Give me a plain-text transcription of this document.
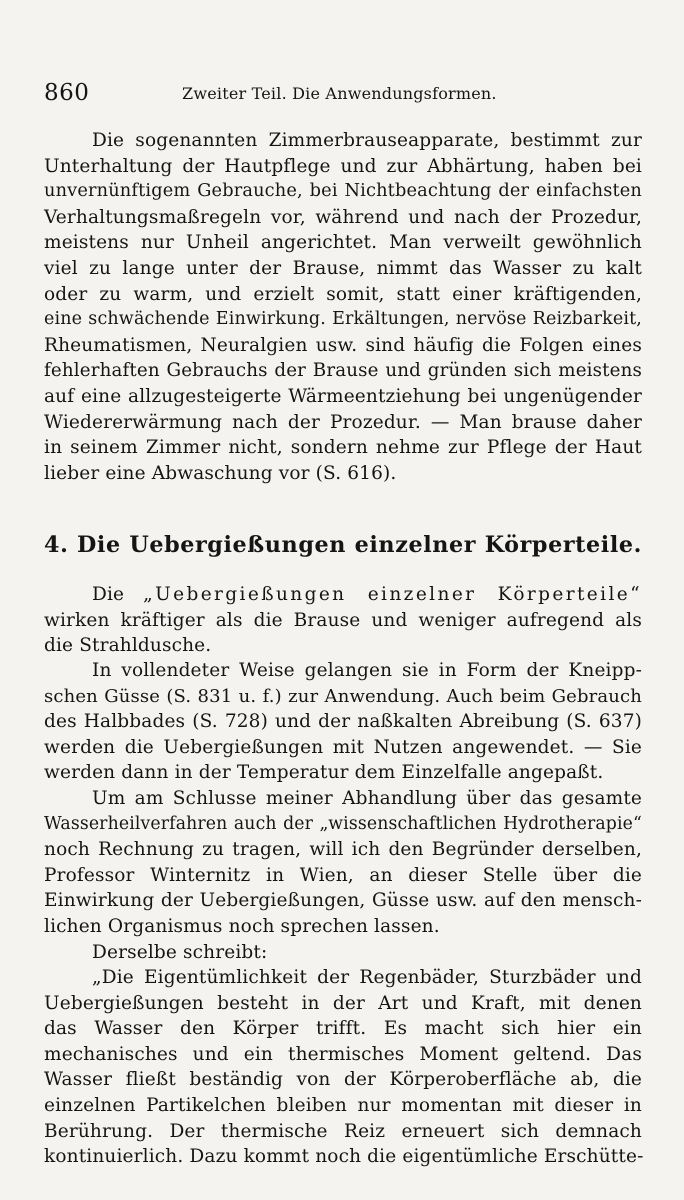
860	Zweiter Teil. Die Anwendungsformen.
Die sogenannten Zimmerbrauseapparate, bestimmt zur
Unterhaltung der Hautpflege und zur Abhärtung, haben bei
unvernünftigem Gebrauche, bei Nichtbeachtung der einfachsten
Verhaltungsmaßregeln vor, während und nach der Prozedur,
meistens nur Unheil angerichtet. Man verweilt gewöhnlich
viel zu lange unter der Brause, nimmt das Wasser zu kalt
oder zu warm, und erzielt somit, statt einer kräftigenden,
eine schwächende Einwirkung. Erkältungen, nervöse Reizbarkeit,
Rheumatismen, Neuralgien usw. sind häufig die Folgen eines
fehlerhaften Gebrauchs der Brause und gründen sich meistens
auf eine allzugesteigerte Wärmeentziehung bei ungenügender
Wiedererwärmung nach der Prozedur. — Man brause daher
in seinem Zimmer nicht, sondern nehme zur Pflege der Haut
lieber eine Abwaschung vor (S. 616).
4. Die Uebergießungen einzelner Körperteile.
Die „Uebergießungen einzelner Körperteile“
wirken kräftiger als die Brause und weniger aufregend als
die Strahldusche.
In vollendeter Weise gelangen sie in Form der Kneipp-
schen Güsse (S. 831 u. f.) zur Anwendung. Auch beim Gebrauch
des Halbbades (S. 728) und der naßkalten Abreibung (S. 637)
werden die Uebergießungen mit Nutzen angewendet. — Sie
werden dann in der Temperatur dem Einzelfalle angepaßt.
Um am Schlusse meiner Abhandlung über das gesamte
Wasserheilverfahren auch der „wissenschaftlichen Hydrotherapie“
noch Rechnung zu tragen, will ich den Begründer derselben,
Professor Winternitz in Wien, an dieser Stelle über die
Einwirkung der Uebergießungen, Güsse usw. auf den mensch-
lichen Organismus noch sprechen lassen.
Derselbe schreibt:
„Die Eigentümlichkeit der Regenbäder, Sturzbäder und
Uebergießungen besteht in der Art und Kraft, mit denen
das Wasser den Körper trifft. Es macht sich hier ein
mechanisches und ein thermisches Moment geltend. Das
Wasser fließt beständig von der Körperoberfläche ab, die
einzelnen Partikelchen bleiben nur momentan mit dieser in
Berührung. Der thermische Reiz erneuert sich demnach
kontinuierlich. Dazu kommt noch die eigentümliche Erschütte-
